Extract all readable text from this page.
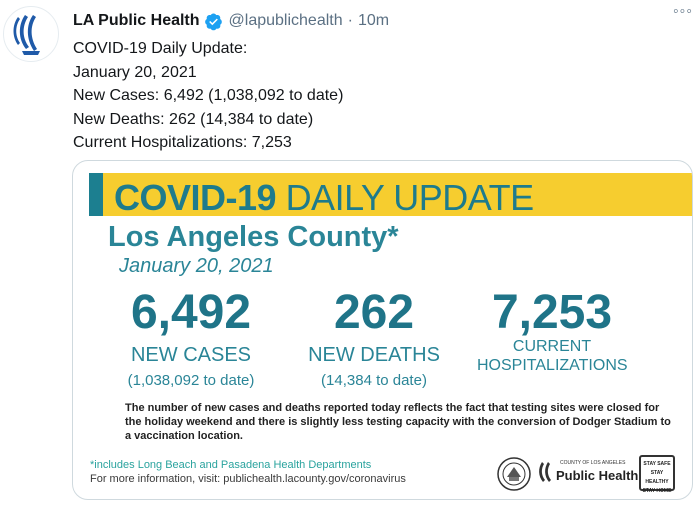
LA Public Health @lapublichealth · 10m
◦◦◦
COVID-19 Daily Update:
January 20, 2021
New Cases: 6,492 (1,038,092 to date)
New Deaths: 262 (14,384 to date)
Current Hospitalizations: 7,253
COVID-19 DAILY UPDATE
Los Angeles County*
January 20, 2021
6,492
NEW CASES
(1,038,092 to date)
262
NEW DEATHS
(14,384 to date)
7,253
CURRENT
HOSPITALIZATIONS
The number of new cases and deaths reported today reflects the fact that testing sites were closed for the holiday weekend and there is slightly less testing capacity with the conversion of Dodger Stadium to a vaccination location.
*includes Long Beach and Pasadena Health Departments
For more information, visit: publichealth.lacounty.gov/coronavirus
COUNTY OF LOS ANGELES
Public Health
STAY SAFE
STAY HEALTHY
STAY HOME
